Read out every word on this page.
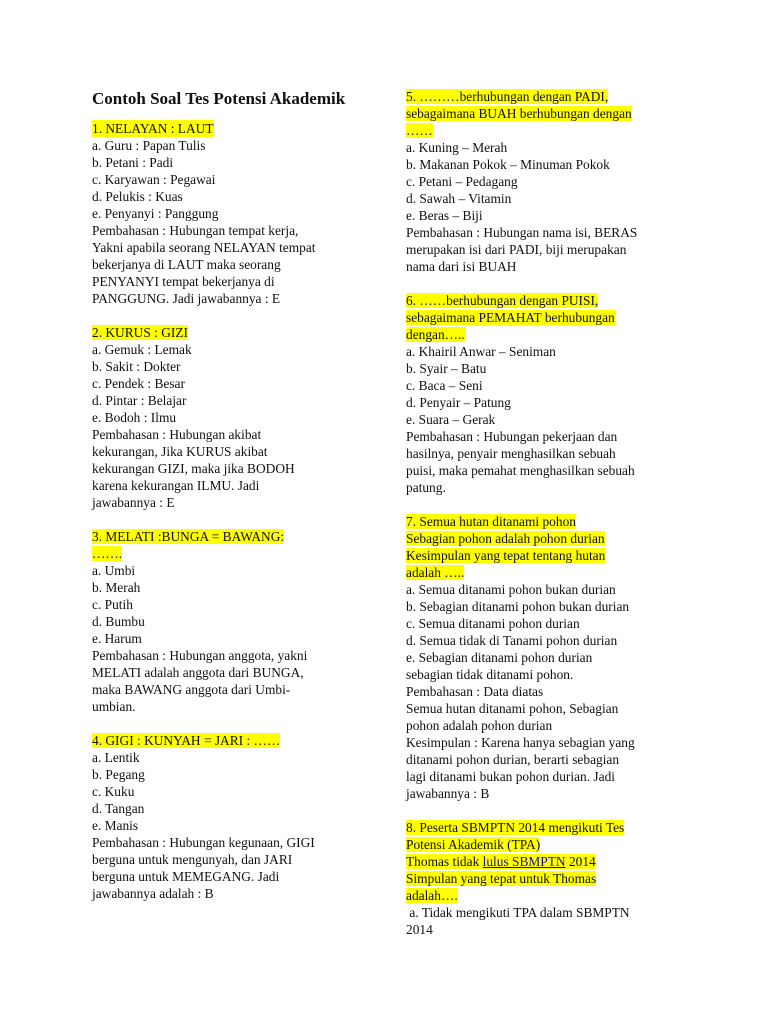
Contoh Soal Tes Potensi Akademik
1. NELAYAN : LAUT
a. Guru : Papan Tulis
b. Petani : Padi
c. Karyawan : Pegawai
d. Pelukis : Kuas
e. Penyanyi : Panggung
Pembahasan : Hubungan tempat kerja,
Yakni apabila seorang NELAYAN tempat
bekerjanya di LAUT maka seorang
PENYANYI tempat bekerjanya di
PANGGUNG. Jadi jawabannya : E
2. KURUS : GIZI
a. Gemuk : Lemak
b. Sakit : Dokter
c. Pendek : Besar
d. Pintar : Belajar
e. Bodoh : Ilmu
Pembahasan : Hubungan akibat
kekurangan, Jika KURUS akibat
kekurangan GIZI, maka jika BODOH
karena kekurangan ILMU. Jadi
jawabannya : E
3. MELATI :BUNGA = BAWANG:
…….
a. Umbi
b. Merah
c. Putih
d. Bumbu
e. Harum
Pembahasan : Hubungan anggota, yakni
MELATI adalah anggota dari BUNGA,
maka BAWANG anggota dari Umbi-
umbian.
4. GIGI : KUNYAH = JARI : ……
a. Lentik
b. Pegang
c. Kuku
d. Tangan
e. Manis
Pembahasan : Hubungan kegunaan, GIGI
berguna untuk mengunyah, dan JARI
berguna untuk MEMEGANG. Jadi
jawabannya adalah : B
5. ………berhubungan dengan PADI,
sebagaimana BUAH berhubungan dengan
……
a. Kuning – Merah
b. Makanan Pokok – Minuman Pokok
c. Petani – Pedagang
d. Sawah – Vitamin
e. Beras – Biji
Pembahasan : Hubungan nama isi, BERAS
merupakan isi dari PADI, biji merupakan
nama dari isi BUAH
6. ……berhubungan dengan PUISI,
sebagaimana PEMAHAT berhubungan
dengan…..
a. Khairil Anwar – Seniman
b. Syair – Batu
c. Baca – Seni
d. Penyair – Patung
e. Suara – Gerak
Pembahasan : Hubungan pekerjaan dan
hasilnya, penyair menghasilkan sebuah
puisi, maka pemahat menghasilkan sebuah
patung.
7. Semua hutan ditanami pohon
Sebagian pohon adalah pohon durian
Kesimpulan yang tepat tentang hutan
adalah …..
a. Semua ditanami pohon bukan durian
b. Sebagian ditanami pohon bukan durian
c. Semua ditanami pohon durian
d. Semua tidak di Tanami pohon durian
e. Sebagian ditanami pohon durian
sebagian tidak ditanami pohon.
Pembahasan : Data diatas
Semua hutan ditanami pohon, Sebagian
pohon adalah pohon durian
Kesimpulan : Karena hanya sebagian yang
ditanami pohon durian, berarti sebagian
lagi ditanami bukan pohon durian. Jadi
jawabannya : B
8. Peserta SBMPTN 2014 mengikuti Tes
Potensi Akademik (TPA)
Thomas tidak lulus SBMPTN 2014
Simpulan yang tepat untuk Thomas
adalah….
a. Tidak mengikuti TPA dalam SBMPTN
2014
